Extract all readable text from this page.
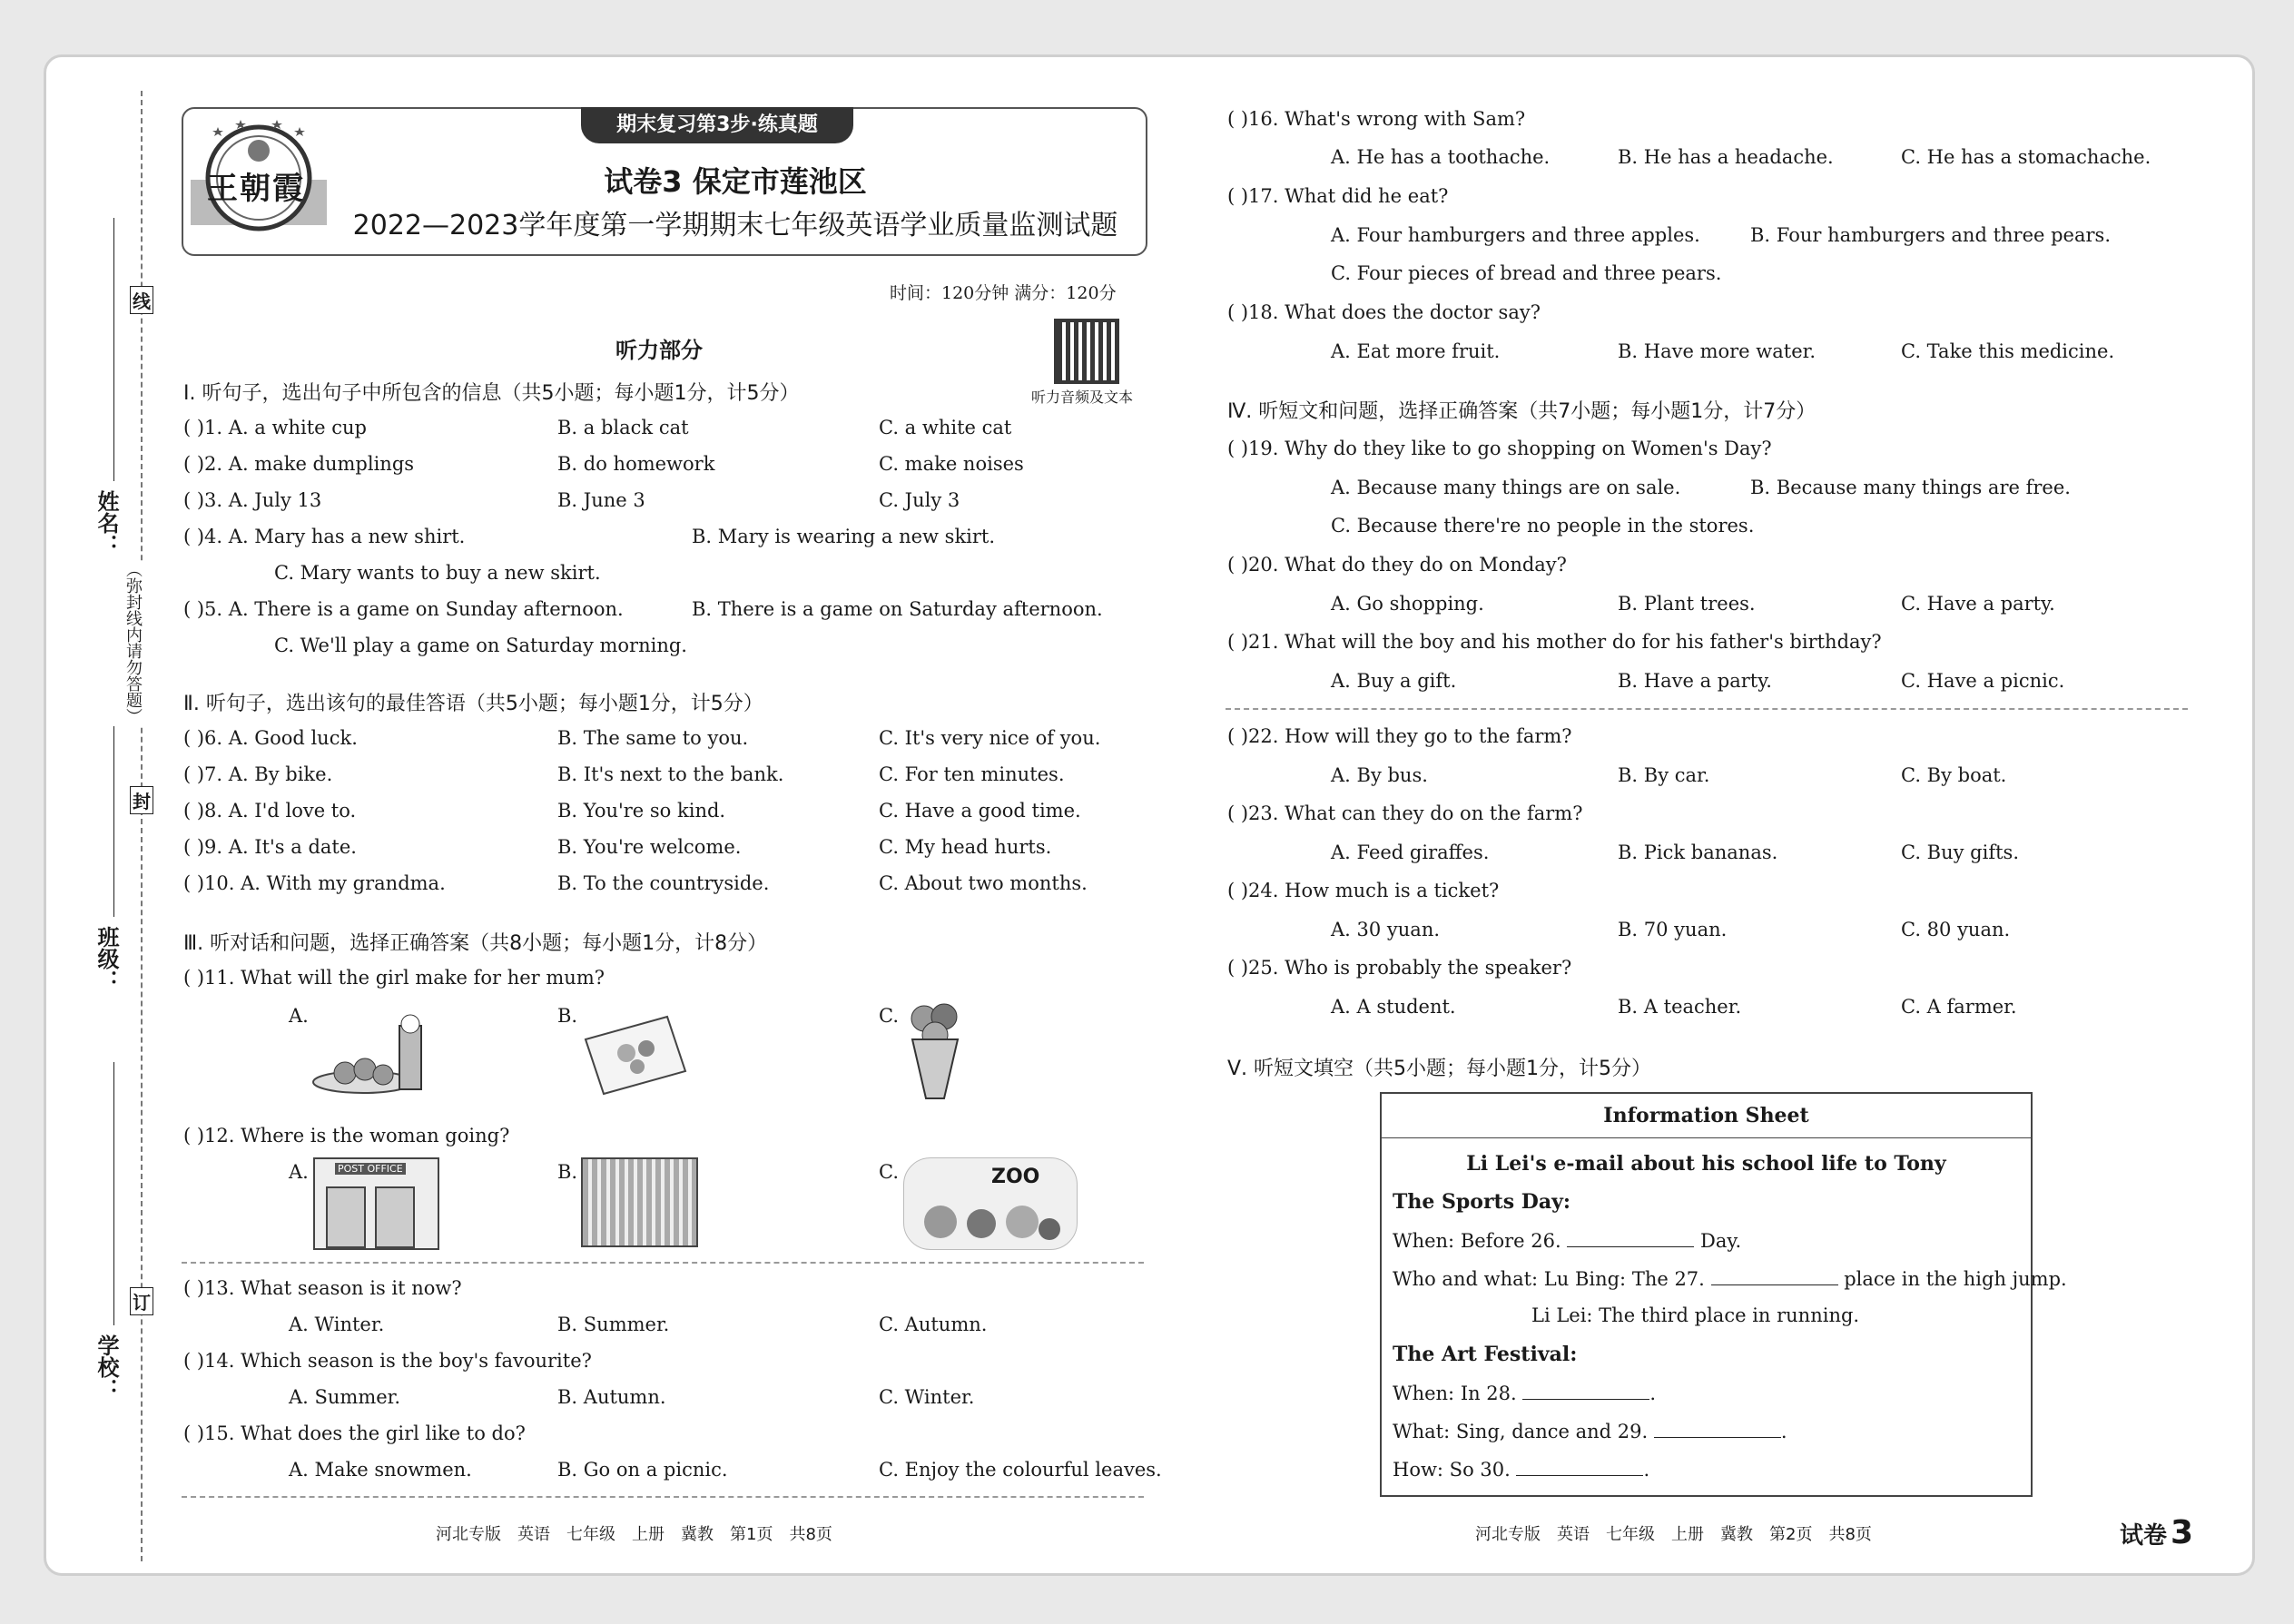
线
姓名：
（弥封线内请勿答题）
封
班级：
订
学校：
王朝霞
期末复习第3步·练真题
试卷3 保定市莲池区
2022—2023学年度第一学期期末七年级英语学业质量监测试题
时间：120分钟 满分：120分
听力音频及文本
听力部分
Ⅰ. 听句子，选出句子中所包含的信息（共5小题；每小题1分，计5分）
( )1. A. a white cup	B. a black cat	C. a white cat
( )2. A. make dumplings	B. do homework	C. make noises
( )3. A. July 13	B. June 3	C. July 3
( )4. A. Mary has a new shirt.	B. Mary is wearing a new skirt.
C. Mary wants to buy a new skirt.
( )5. A. There is a game on Sunday afternoon.	B. There is a game on Saturday afternoon.
C. We'll play a game on Saturday morning.
Ⅱ. 听句子，选出该句的最佳答语（共5小题；每小题1分，计5分）
( )6. A. Good luck.	B. The same to you.	C. It's very nice of you.
( )7. A. By bike.	B. It's next to the bank.	C. For ten minutes.
( )8. A. I'd love to.	B. You're so kind.	C. Have a good time.
( )9. A. It's a date.	B. You're welcome.	C. My head hurts.
( )10. A. With my grandma.	B. To the countryside.	C. About two months.
Ⅲ. 听对话和问题，选择正确答案（共8小题；每小题1分，计8分）
( )11. What will the girl make for her mum?
A.	B.	C.
( )12. Where is the woman going?
A.	B.	C.
POST OFFICE	ZOO
( )13. What season is it now?
A. Winter.	B. Summer.	C. Autumn.
( )14. Which season is the boy's favourite?
A. Summer.	B. Autumn.	C. Winter.
( )15. What does the girl like to do?
A. Make snowmen.	B. Go on a picnic.	C. Enjoy the colourful leaves.
河北专版　英语　七年级　上册　冀教　第1页　共8页
( )16. What's wrong with Sam?
A. He has a toothache.	B. He has a headache.	C. He has a stomachache.
( )17. What did he eat?
A. Four hamburgers and three apples.	B. Four hamburgers and three pears.
C. Four pieces of bread and three pears.
( )18. What does the doctor say?
A. Eat more fruit.	B. Have more water.	C. Take this medicine.
Ⅳ. 听短文和问题，选择正确答案（共7小题；每小题1分，计7分）
( )19. Why do they like to go shopping on Women's Day?
A. Because many things are on sale.	B. Because many things are free.
C. Because there're no people in the stores.
( )20. What do they do on Monday?
A. Go shopping.	B. Plant trees.	C. Have a party.
( )21. What will the boy and his mother do for his father's birthday?
A. Buy a gift.	B. Have a party.	C. Have a picnic.
( )22. How will they go to the farm?
A. By bus.	B. By car.	C. By boat.
( )23. What can they do on the farm?
A. Feed giraffes.	B. Pick bananas.	C. Buy gifts.
( )24. How much is a ticket?
A. 30 yuan.	B. 70 yuan.	C. 80 yuan.
( )25. Who is probably the speaker?
A. A student.	B. A teacher.	C. A farmer.
Ⅴ. 听短文填空（共5小题；每小题1分，计5分）
Information Sheet
Li Lei's e-mail about his school life to Tony
The Sports Day:
When: Before 26.	Day.
Who and what: Lu Bing: The 27.	place in the high jump.
Li Lei: The third place in running.
The Art Festival:
When: In 28.	.
What: Sing, dance and 29.	.
How: So 30.	.
河北专版　英语　七年级　上册　冀教　第2页　共8页	试卷 3
